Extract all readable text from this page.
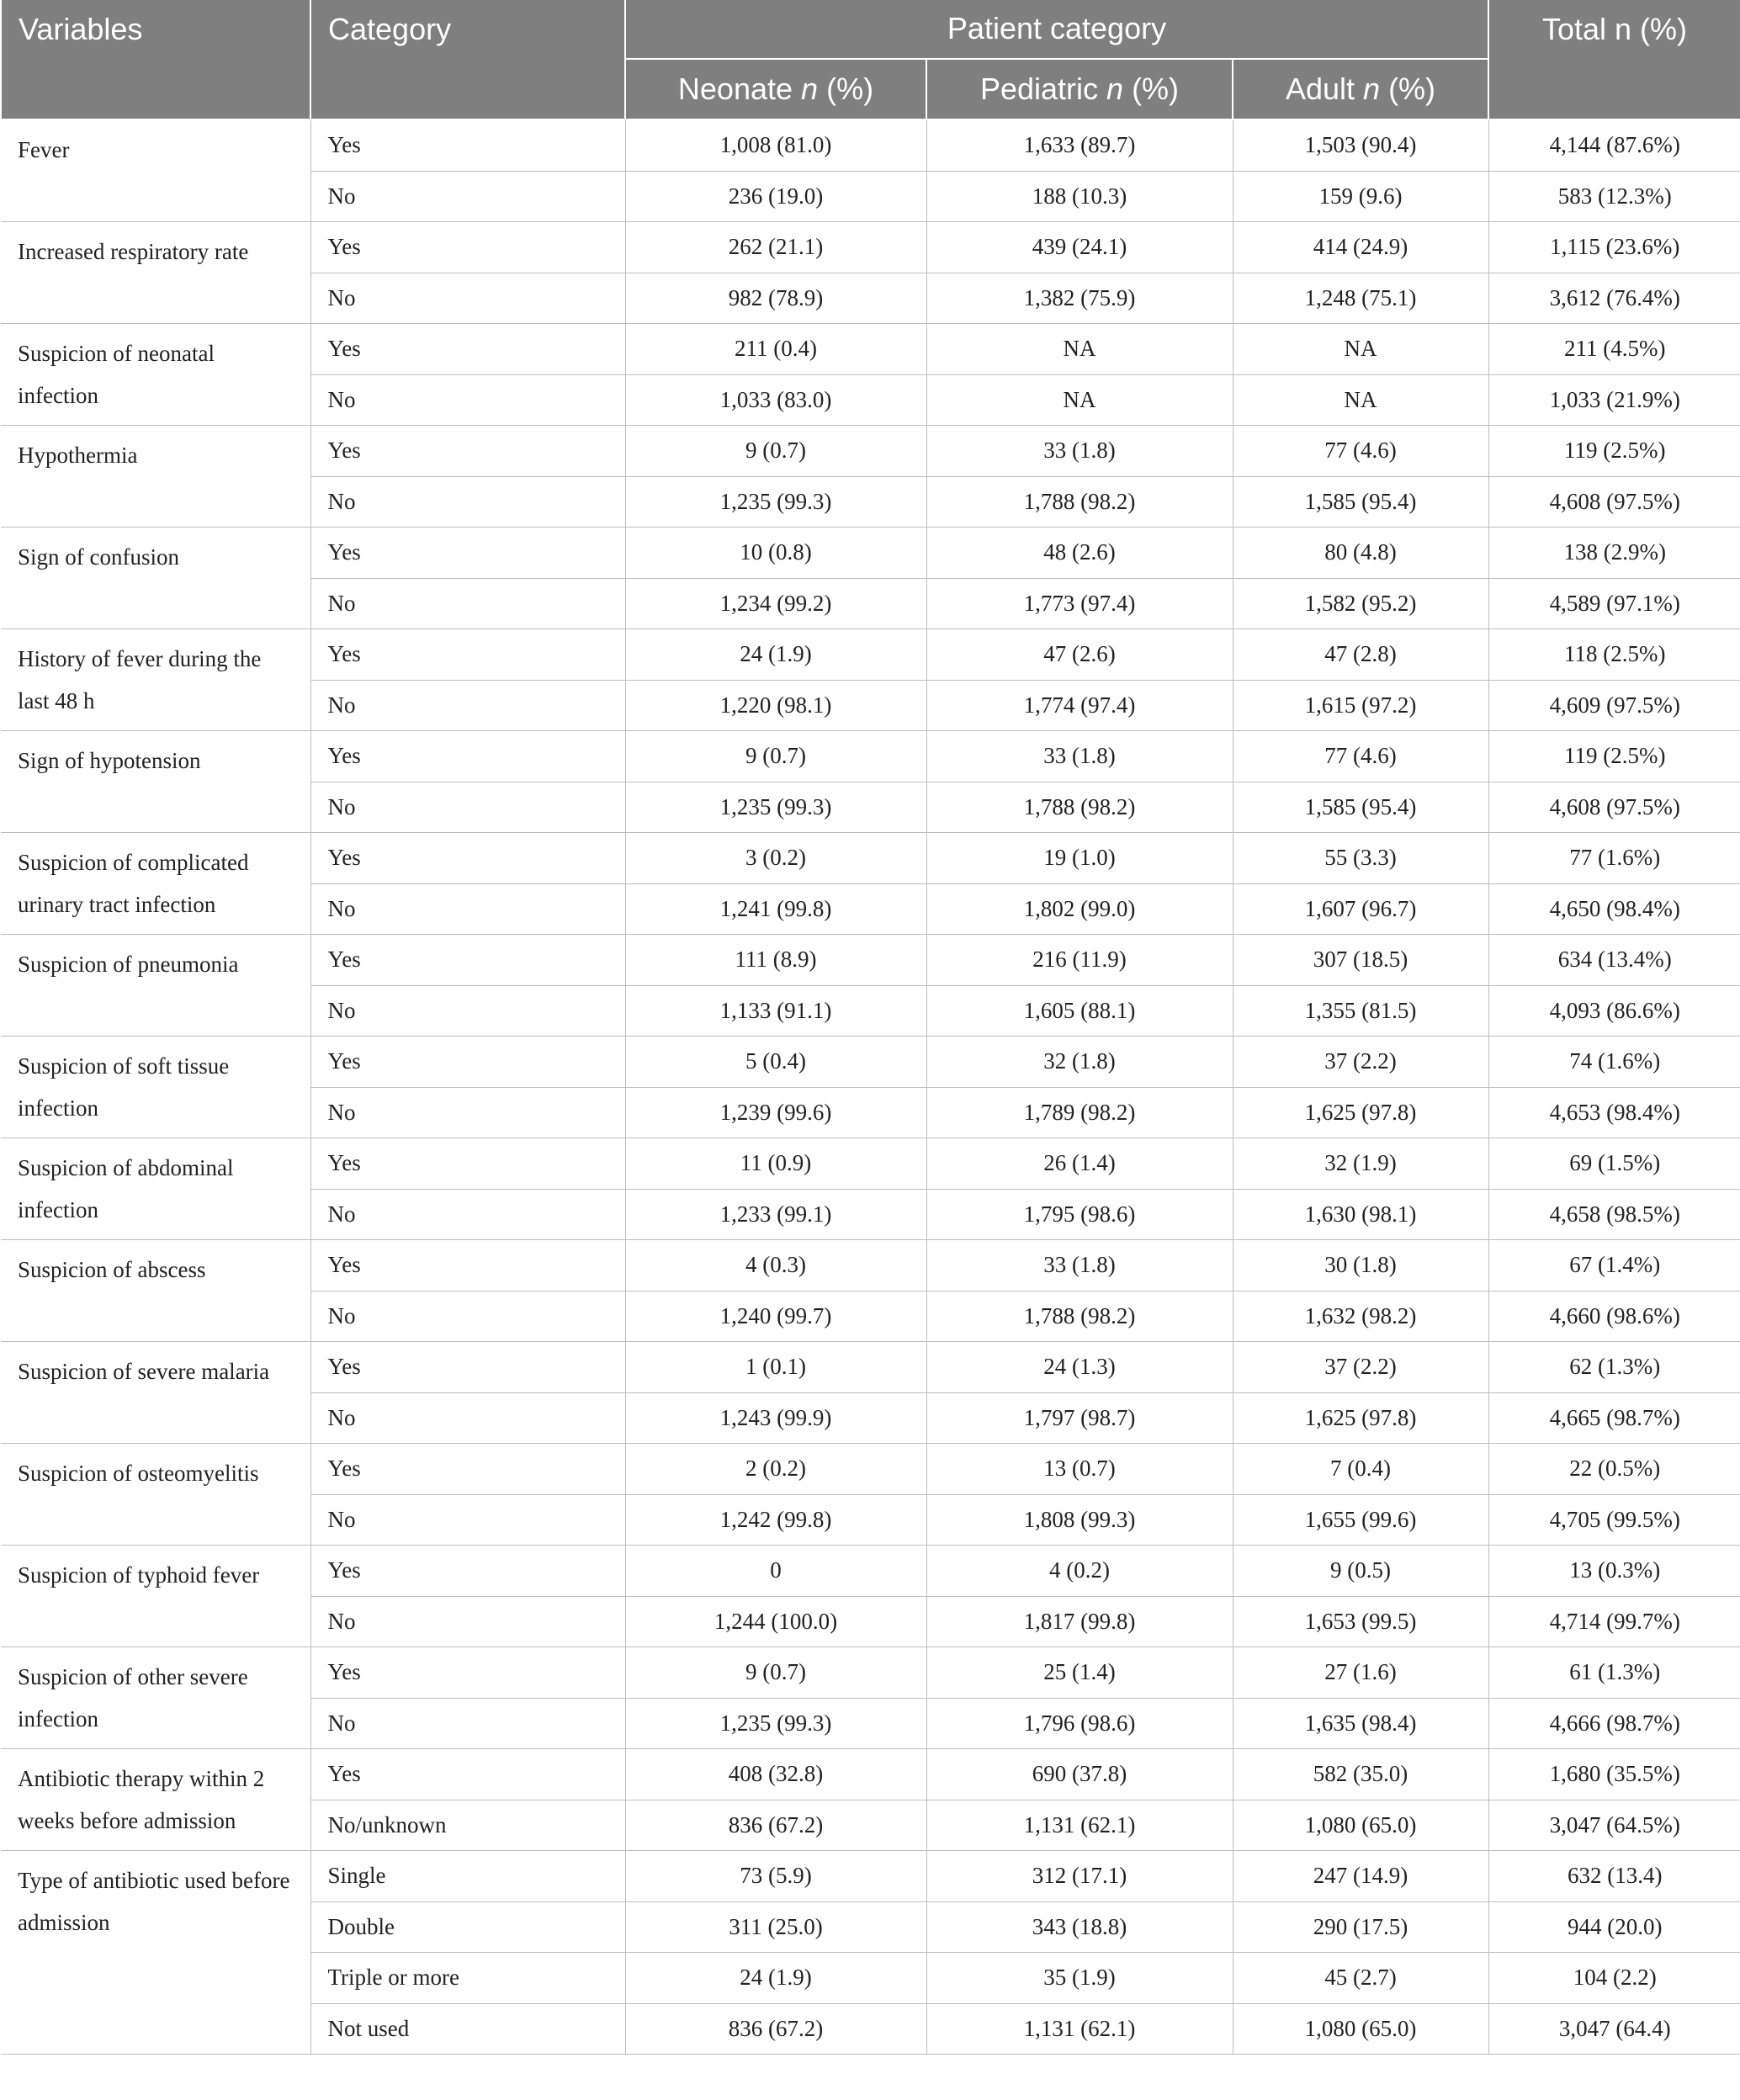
Variables	Category	Patient category			Total n (%)
		Neonate n (%)	Pediatric n (%)	Adult n (%)	
Fever	Yes	1,008 (81.0)	1,633 (89.7)	1,503 (90.4)	4,144 (87.6%)
	No	236 (19.0)	188 (10.3)	159 (9.6)	583 (12.3%)
Increased respiratory rate	Yes	262 (21.1)	439 (24.1)	414 (24.9)	1,115 (23.6%)
	No	982 (78.9)	1,382 (75.9)	1,248 (75.1)	3,612 (76.4%)
Suspicion of neonatal infection	Yes	211 (0.4)	NA	NA	211 (4.5%)
	No	1,033 (83.0)	NA	NA	1,033 (21.9%)
Hypothermia	Yes	9 (0.7)	33 (1.8)	77 (4.6)	119 (2.5%)
	No	1,235 (99.3)	1,788 (98.2)	1,585 (95.4)	4,608 (97.5%)
Sign of confusion	Yes	10 (0.8)	48 (2.6)	80 (4.8)	138 (2.9%)
	No	1,234 (99.2)	1,773 (97.4)	1,582 (95.2)	4,589 (97.1%)
History of fever during the last 48 h	Yes	24 (1.9)	47 (2.6)	47 (2.8)	118 (2.5%)
	No	1,220 (98.1)	1,774 (97.4)	1,615 (97.2)	4,609 (97.5%)
Sign of hypotension	Yes	9 (0.7)	33 (1.8)	77 (4.6)	119 (2.5%)
	No	1,235 (99.3)	1,788 (98.2)	1,585 (95.4)	4,608 (97.5%)
Suspicion of complicated urinary tract infection	Yes	3 (0.2)	19 (1.0)	55 (3.3)	77 (1.6%)
	No	1,241 (99.8)	1,802 (99.0)	1,607 (96.7)	4,650 (98.4%)
Suspicion of pneumonia	Yes	111 (8.9)	216 (11.9)	307 (18.5)	634 (13.4%)
	No	1,133 (91.1)	1,605 (88.1)	1,355 (81.5)	4,093 (86.6%)
Suspicion of soft tissue infection	Yes	5 (0.4)	32 (1.8)	37 (2.2)	74 (1.6%)
	No	1,239 (99.6)	1,789 (98.2)	1,625 (97.8)	4,653 (98.4%)
Suspicion of abdominal infection	Yes	11 (0.9)	26 (1.4)	32 (1.9)	69 (1.5%)
	No	1,233 (99.1)	1,795 (98.6)	1,630 (98.1)	4,658 (98.5%)
Suspicion of abscess	Yes	4 (0.3)	33 (1.8)	30 (1.8)	67 (1.4%)
	No	1,240 (99.7)	1,788 (98.2)	1,632 (98.2)	4,660 (98.6%)
Suspicion of severe malaria	Yes	1 (0.1)	24 (1.3)	37 (2.2)	62 (1.3%)
	No	1,243 (99.9)	1,797 (98.7)	1,625 (97.8)	4,665 (98.7%)
Suspicion of osteomyelitis	Yes	2 (0.2)	13 (0.7)	7 (0.4)	22 (0.5%)
	No	1,242 (99.8)	1,808 (99.3)	1,655 (99.6)	4,705 (99.5%)
Suspicion of typhoid fever	Yes	0	4 (0.2)	9 (0.5)	13 (0.3%)
	No	1,244 (100.0)	1,817 (99.8)	1,653 (99.5)	4,714 (99.7%)
Suspicion of other severe infection	Yes	9 (0.7)	25 (1.4)	27 (1.6)	61 (1.3%)
	No	1,235 (99.3)	1,796 (98.6)	1,635 (98.4)	4,666 (98.7%)
Antibiotic therapy within 2 weeks before admission	Yes	408 (32.8)	690 (37.8)	582 (35.0)	1,680 (35.5%)
	No/unknown	836 (67.2)	1,131 (62.1)	1,080 (65.0)	3,047 (64.5%)
Type of antibiotic used before admission	Single	73 (5.9)	312 (17.1)	247 (14.9)	632 (13.4)
	Double	311 (25.0)	343 (18.8)	290 (17.5)	944 (20.0)
	Triple or more	24 (1.9)	35 (1.9)	45 (2.7)	104 (2.2)
	Not used	836 (67.2)	1,131 (62.1)	1,080 (65.0)	3,047 (64.4)
